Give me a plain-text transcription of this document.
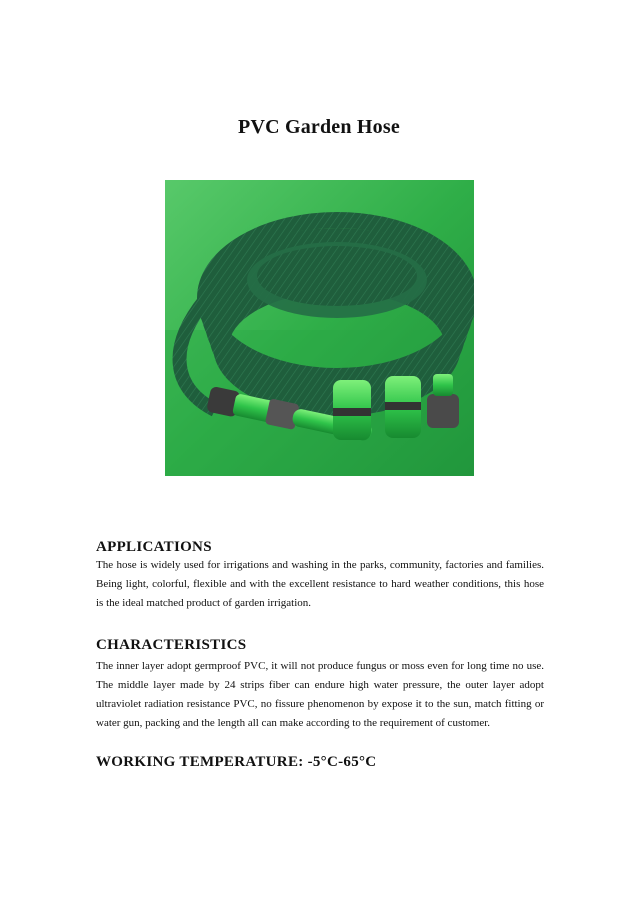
PVC Garden Hose
APPLICATIONS
The hose is widely used for irrigations and washing in the parks, community, factories and families. Being light, colorful, flexible and with the excellent resistance to hard weather conditions, this hose is the ideal matched product of garden irrigation.
CHARACTERISTICS
The inner layer adopt germproof PVC, it will not produce fungus or moss even for long time no use. The middle layer made by 24 strips fiber can endure high water pressure, the outer layer adopt ultraviolet radiation resistance PVC, no fissure phenomenon by expose it to the sun, match fitting or water gun, packing and the length all can make according to the requirement of customer.
WORKING TEMPERATURE: -5°C-65°C
